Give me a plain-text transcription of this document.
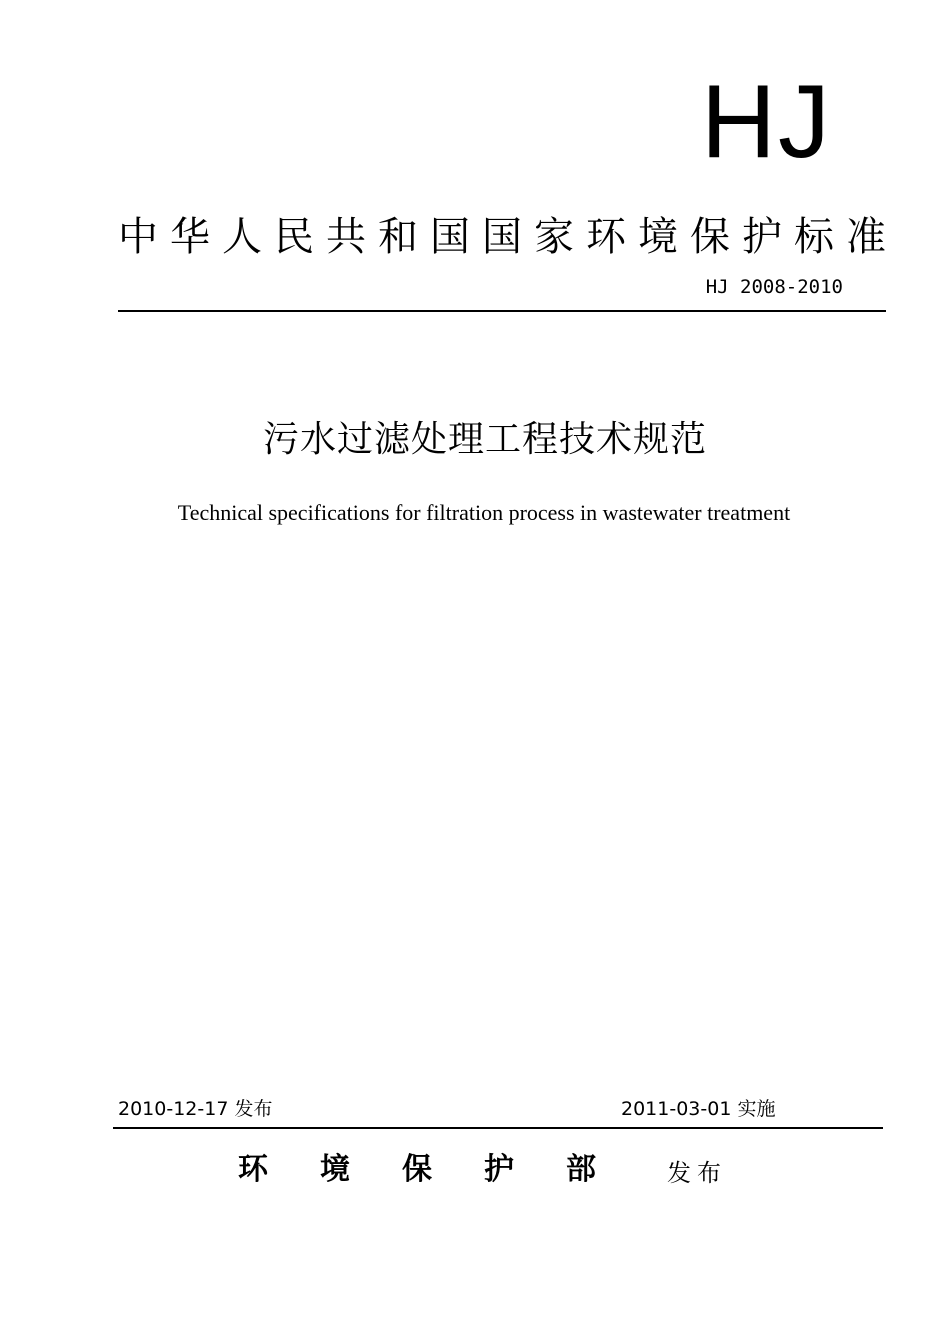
HJ
中华人民共和国国家环境保护标准
HJ 2008-2010
污水过滤处理工程技术规范
Technical specifications for filtration process in wastewater treatment
2010-12-17 发布	2011-03-01 实施
环境保护部 发布
